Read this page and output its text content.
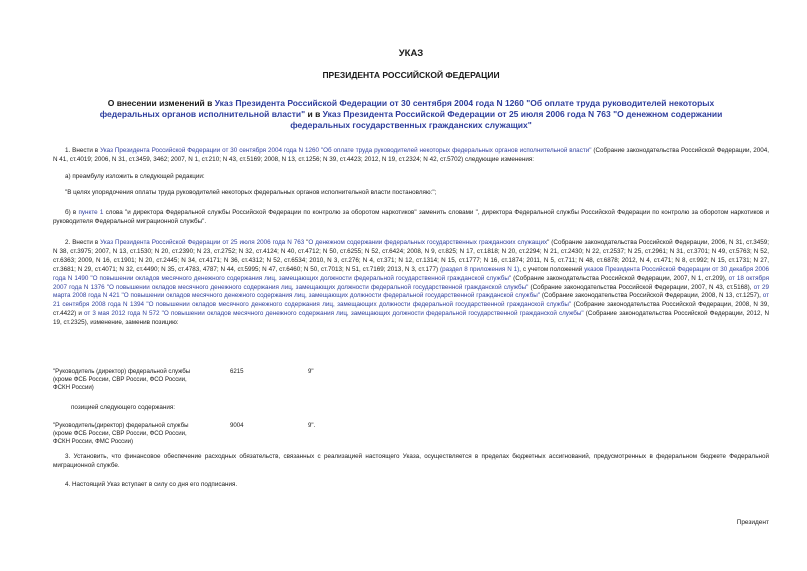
УКАЗ
ПРЕЗИДЕНТА РОССИЙСКОЙ ФЕДЕРАЦИИ
О внесении изменений в Указ Президента Российской Федерации от 30 сентября 2004 года N 1260 "Об оплате труда руководителей некоторых федеральных органов исполнительной власти" и в Указ Президента Российской Федерации от 25 июля 2006 года N 763 "О денежном содержании федеральных государственных гражданских служащих"
1. Внести в Указ Президента Российской Федерации от 30 сентября 2004 года N 1260 "Об оплате труда руководителей некоторых федеральных органов исполнительной власти" (Собрание законодательства Российской Федерации, 2004, N 41, ст.4019; 2006, N 31, ст.3459, 3462; 2007, N 1, ст.210; N 43, ст.5169; 2008, N 13, ст.1256; N 39, ст.4423; 2012, N 19, ст.2324; N 42, ст.5702) следующие изменения:
а) преамбулу изложить в следующей редакции:
"В целях упорядочения оплаты труда руководителей некоторых федеральных органов исполнительной власти постановляю:";
б) в пункте 1 слова "и директора Федеральной службы Российской Федерации по контролю за оборотом наркотиков" заменить словами ", директора Федеральной службы Российской Федерации по контролю за оборотом наркотиков и руководителя Федеральной миграционной службы".
2. Внести в Указ Президента Российской Федерации от 25 июля 2006 года N 763 "О денежном содержании федеральных государственных гражданских служащих" (Собрание законодательства Российской Федерации, 2006, N 31, ст.3459; N 38, ст.3975; 2007, N 13, ст.1530; N 20, ст.2390; N 23, ст.2752; N 32, ст.4124; N 40, ст.4712; N 50, ст.6255; N 52, ст.6424; 2008, N 9, ст.825; N 17, ст.1818; N 20, ст.2294; N 21, ст.2430; N 22, ст.2537; N 25, ст.2961; N 31, ст.3701; N 49, ст.5763; N 52, ст.6363; 2009, N 16, ст.1901; N 20, ст.2445; N 34, ст.4171; N 36, ст.4312; N 52, ст.6534; 2010, N 3, ст.276; N 4, ст.371; N 12, ст.1314; N 15, ст.1777; N 16, ст.1874; 2011, N 5, ст.711; N 48, ст.6878; 2012, N 4, ст.471; N 8, ст.992; N 15, ст.1731; N 27, ст.3681; N 29, ст.4071; N 32, ст.4490; N 35, ст.4783, 4787; N 44, ст.5995; N 47, ст.6460; N 50, ст.7013; N 51, ст.7169; 2013, N 3, ст.177) (раздел 8 приложения N 1), с учетом положений указов Президента Российской Федерации от 30 декабря 2006 года N 1490 "О повышении окладов месячного денежного содержания лиц, замещающих должности федеральной государственной гражданской службы" (Собрание законодательства Российской Федерации, 2007, N 1, ст.209), от 18 октября 2007 года N 1376 "О повышении окладов месячного денежного содержания лиц, замещающих должности федеральной государственной гражданской службы" (Собрание законодательства Российской Федерации, 2007, N 43, ст.5168), от 29 марта 2008 года N 421 "О повышении окладов месячного денежного содержания лиц, замещающих должности федеральной государственной гражданской службы" (Собрание законодательства Российской Федерации, 2008, N 13, ст.1257), от 21 сентября 2008 года N 1394 "О повышении окладов месячного денежного содержания лиц, замещающих должности федеральной государственной гражданской службы" (Собрание законодательства Российской Федерации, 2008, N 39, ст.4422) и от 3 мая 2012 года N 572 "О повышении окладов месячного денежного содержания лиц, замещающих должности федеральной государственной гражданской службы" (Собрание законодательства Российской Федерации, 2012, N 19, ст.2325), изменение, заменив позицию:
"Руководитель (директор) федеральной службы (кроме ФСБ России, СВР России, ФСО России, ФСКН России)
6215	9"
позицией следующего содержания:
"Руководитель(директор) федеральной службы (кроме ФСБ России, СВР России, ФСО России, ФСКН России, ФМС России)
9004	9".
3. Установить, что финансовое обеспечение расходных обязательств, связанных с реализацией настоящего Указа, осуществляется в пределах бюджетных ассигнований, предусмотренных в федеральном бюджете Федеральной миграционной службе.
4. Настоящий Указ вступает в силу со дня его подписания.
Президент
